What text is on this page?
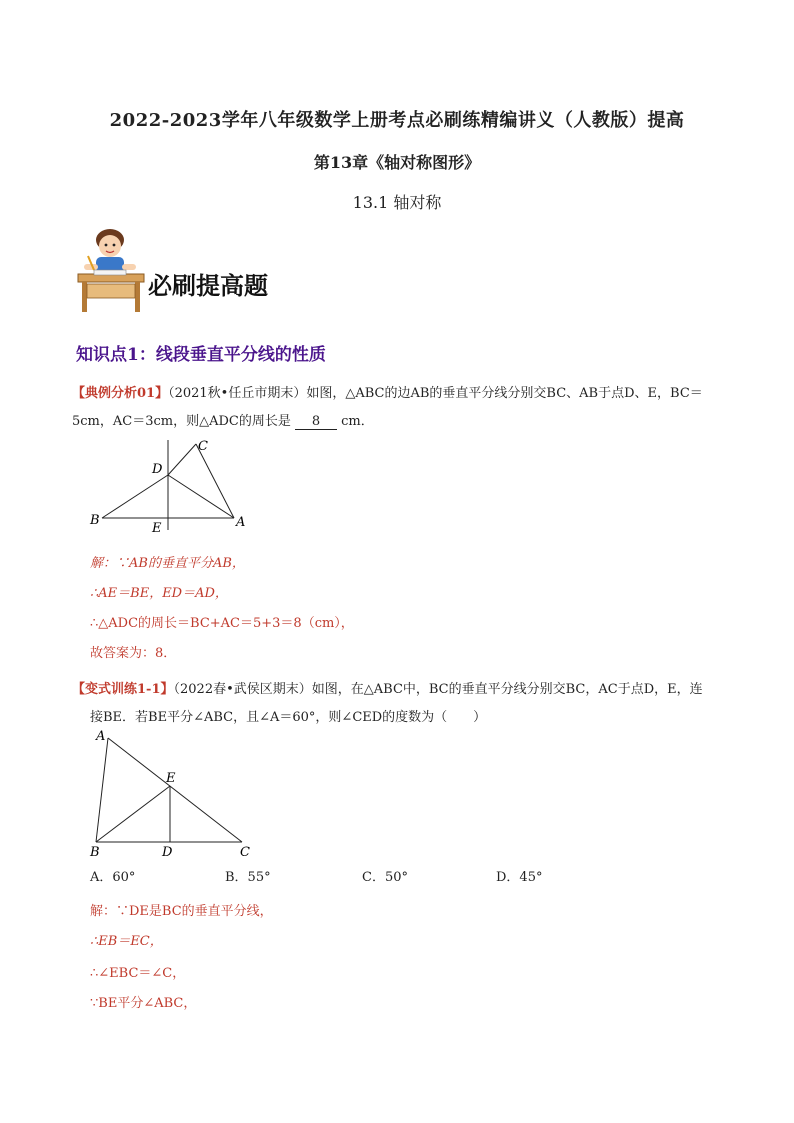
2022-2023学年八年级数学上册考点必刷练精编讲义（人教版）提高
第13章《轴对称图形》
13.1 轴对称
必刷提高题
知识点1：线段垂直平分线的性质
【典例分析01】（2021秋•任丘市期末）如图，△ABC的边AB的垂直平分线分别交BC、AB于点D、E，BC＝
5cm，AC＝3cm，则△ADC的周长是 8 cm．
C
D
B
E	A
解：∵AB的垂直平分AB，
∴AE＝BE，ED＝AD，
∴△ADC的周长＝BC+AC＝5+3＝8（cm），
故答案为：8．
【变式训练1-1】（2022春•武侯区期末）如图，在△ABC中，BC的垂直平分线分别交BC，AC于点D，E，连
接BE．若BE平分∠ABC，且∠A＝60°，则∠CED的度数为（　　）
A
E
B	D	C
A．60°	B．55°	C．50°	D．45°
解：∵DE是BC的垂直平分线，
∴EB＝EC，
∴∠EBC＝∠C，
∵BE平分∠ABC，
